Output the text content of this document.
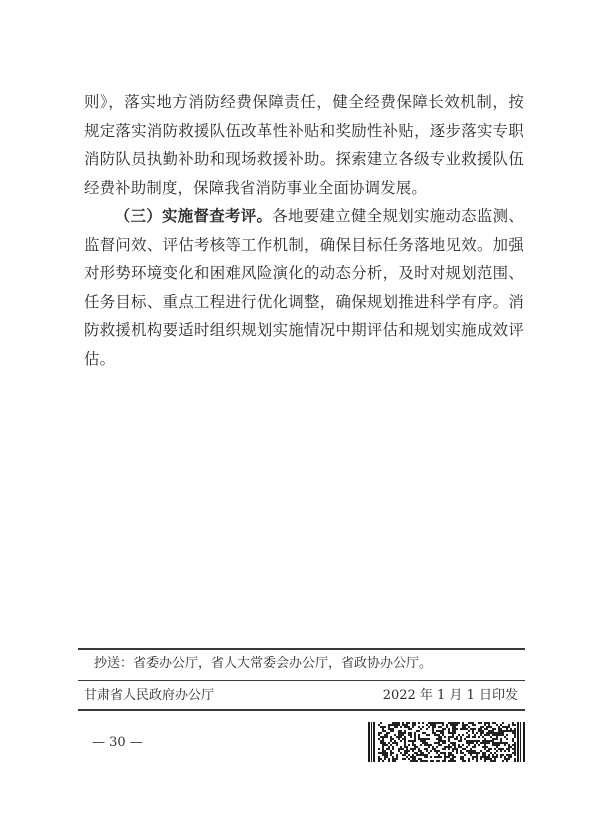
则》，落实地方消防经费保障责任，健全经费保障长效机制，按规定落实消防救援队伍改革性补贴和奖励性补贴，逐步落实专职消防队员执勤补助和现场救援补助。探索建立各级专业救援队伍经费补助制度，保障我省消防事业全面协调发展。

（三）实施督查考评。各地要建立健全规划实施动态监测、监督问效、评估考核等工作机制，确保目标任务落地见效。加强对形势环境变化和困难风险演化的动态分析，及时对规划范围、任务目标、重点工程进行优化调整，确保规划推进科学有序。消防救援机构要适时组织规划实施情况中期评估和规划实施成效评估。

抄送：省委办公厅，省人大常委会办公厅，省政协办公厅。
甘肃省人民政府办公厅	2022 年 1 月 1 日印发
— 30 —
